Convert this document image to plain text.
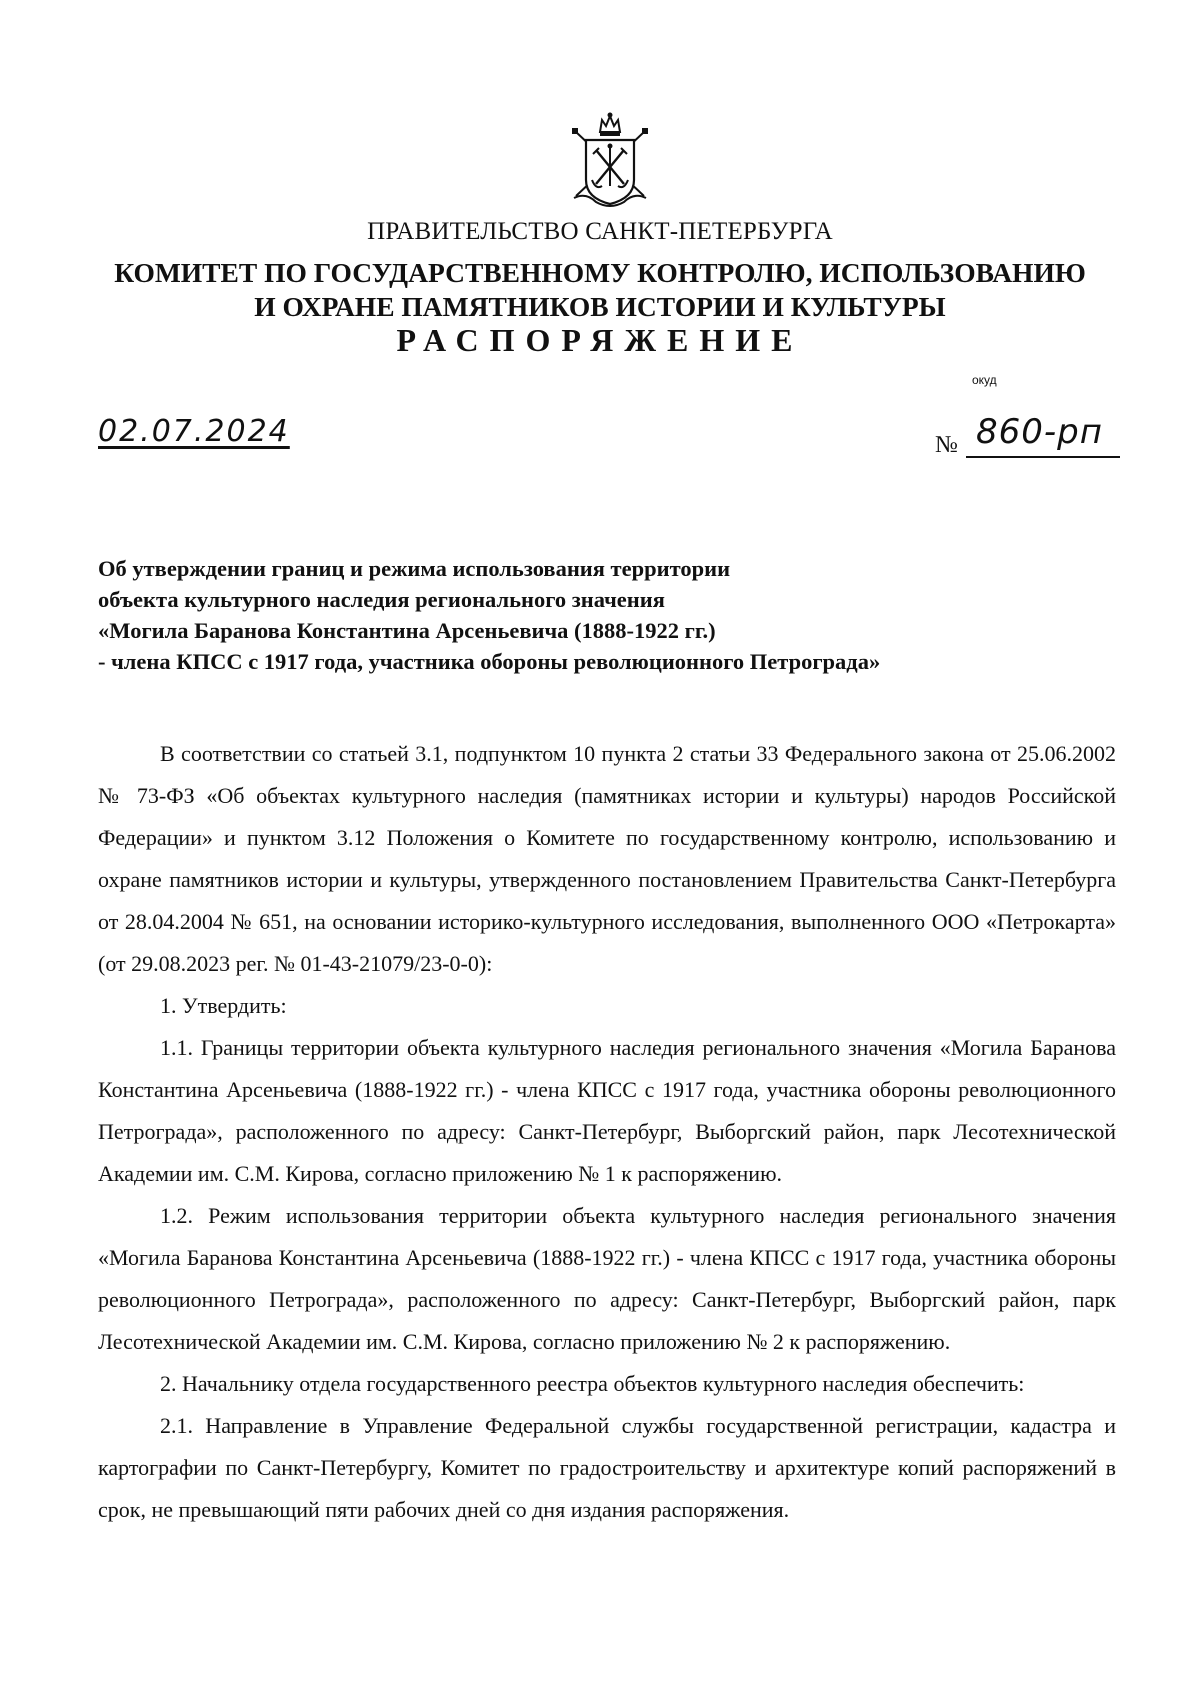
ПРАВИТЕЛЬСТВО САНКТ-ПЕТЕРБУРГА
КОМИТЕТ ПО ГОСУДАРСТВЕННОМУ КОНТРОЛЮ, ИСПОЛЬЗОВАНИЮ
И ОХРАНЕ ПАМЯТНИКОВ ИСТОРИИ И КУЛЬТУРЫ
РАСПОРЯЖЕНИЕ
окуд
02.07.2024	№ 860-рп
Об утверждении границ и режима использования территории
объекта культурного наследия регионального значения
«Могила Баранова Константина Арсеньевича (1888-1922 гг.)
- члена КПСС с 1917 года, участника обороны революционного Петрограда»

В соответствии со статьей 3.1, подпунктом 10 пункта 2 статьи 33 Федерального закона от 25.06.2002 № 73-ФЗ «Об объектах культурного наследия (памятниках истории и культуры) народов Российской Федерации» и пунктом 3.12 Положения о Комитете по государственному контролю, использованию и охране памятников истории и культуры, утвержденного постановлением Правительства Санкт-Петербурга от 28.04.2004 № 651, на основании историко-культурного исследования, выполненного ООО «Петрокарта» (от 29.08.2023 рег. № 01-43-21079/23-0-0):

1. Утвердить:

1.1. Границы территории объекта культурного наследия регионального значения «Могила Баранова Константина Арсеньевича (1888-1922 гг.) - члена КПСС с 1917 года, участника обороны революционного Петрограда», расположенного по адресу: Санкт-Петербург, Выборгский район, парк Лесотехнической Академии им. С.М. Кирова, согласно приложению № 1 к распоряжению.

1.2. Режим использования территории объекта культурного наследия регионального значения «Могила Баранова Константина Арсеньевича (1888-1922 гг.) - члена КПСС с 1917 года, участника обороны революционного Петрограда», расположенного по адресу: Санкт-Петербург, Выборгский район, парк Лесотехнической Академии им. С.М. Кирова, согласно приложению № 2 к распоряжению.

2. Начальнику отдела государственного реестра объектов культурного наследия обеспечить:

2.1. Направление в Управление Федеральной службы государственной регистрации, кадастра и картографии по Санкт-Петербургу, Комитет по градостроительству и архитектуре копий распоряжений в срок, не превышающий пяти рабочих дней со дня издания распоряжения.
